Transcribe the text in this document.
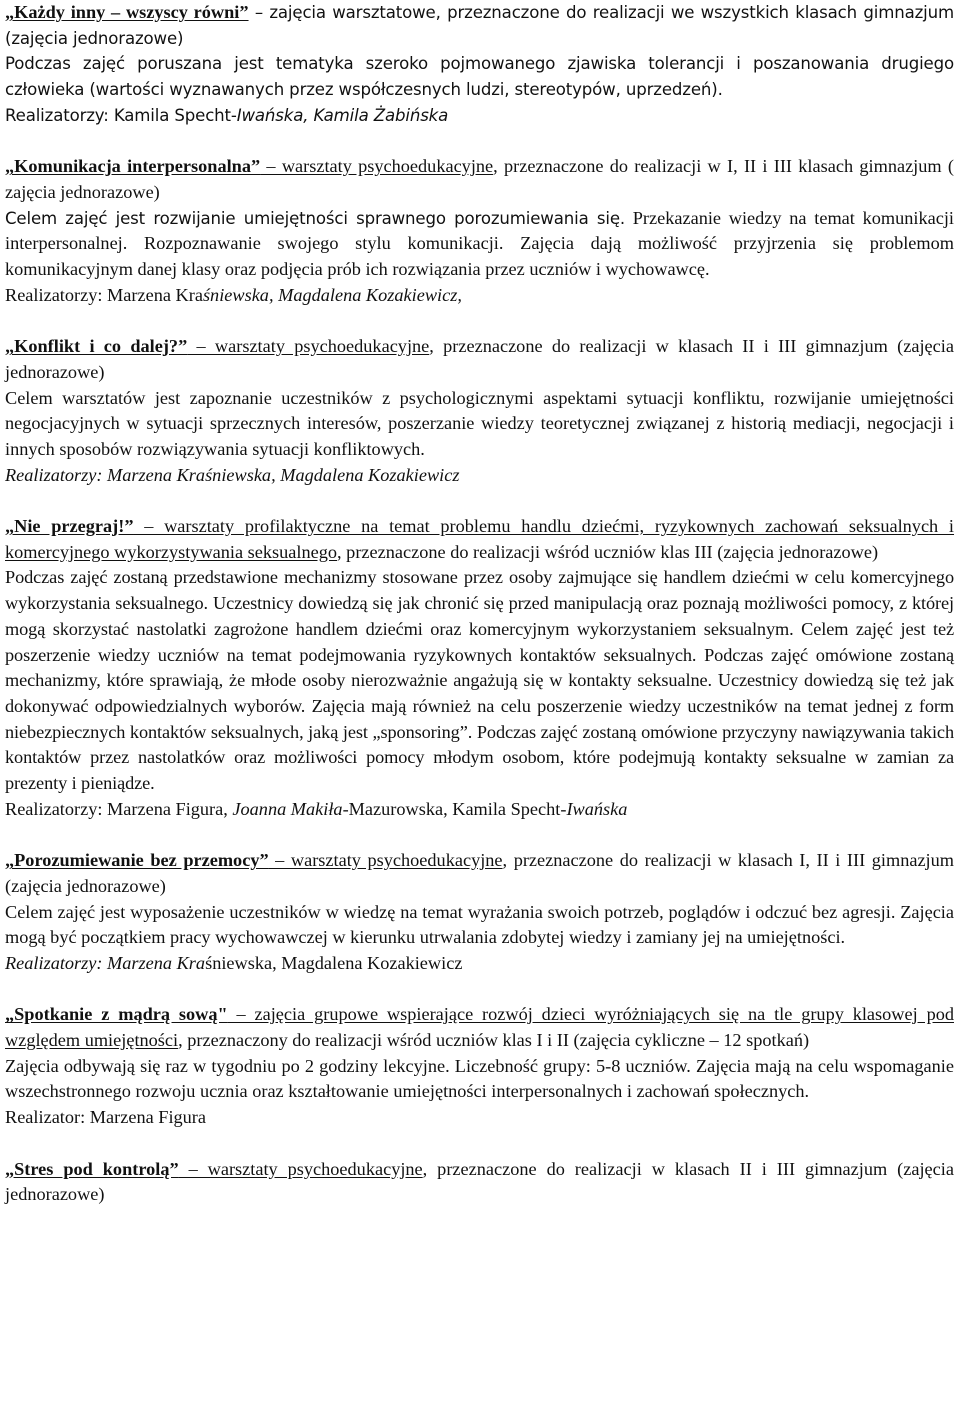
„Każdy inny – wszyscy równi” – zajęcia warsztatowe, przeznaczone do realizacji we wszystkich klasach gimnazjum (zajęcia jednorazowe)

Podczas zajęć poruszana jest tematyka szeroko pojmowanego zjawiska tolerancji i poszanowania drugiego człowieka (wartości wyznawanych przez współczesnych ludzi, stereotypów, uprzedzeń).

Realizatorzy: Kamila Specht-Iwańska, Kamila Żabińska

„Komunikacja interpersonalna” – warsztaty psychoedukacyjne, przeznaczone do realizacji w I, II i III klasach gimnazjum ( zajęcia jednorazowe)

Celem zajęć jest rozwijanie umiejętności sprawnego porozumiewania się. Przekazanie wiedzy na temat komunikacji interpersonalnej. Rozpoznawanie swojego stylu komunikacji. Zajęcia dają możliwość przyjrzenia się problemom komunikacyjnym danej klasy oraz podjęcia prób ich rozwiązania przez uczniów i wychowawcę.

Realizatorzy: Marzena Kraśniewska, Magdalena Kozakiewicz,

„Konflikt i co dalej?” – warsztaty psychoedukacyjne, przeznaczone do realizacji w klasach II i III gimnazjum (zajęcia jednorazowe)

Celem warsztatów jest zapoznanie uczestników z psychologicznymi aspektami sytuacji konfliktu, rozwijanie umiejętności negocjacyjnych w sytuacji sprzecznych interesów, poszerzanie wiedzy teoretycznej związanej z historią mediacji, negocjacji i innych sposobów rozwiązywania sytuacji konfliktowych.

Realizatorzy: Marzena Kraśniewska, Magdalena Kozakiewicz

„Nie przegraj!” – warsztaty profilaktyczne na temat problemu handlu dziećmi, ryzykownych zachowań seksualnych i komercyjnego wykorzystywania seksualnego, przeznaczone do realizacji wśród uczniów klas III (zajęcia jednorazowe)

Podczas zajęć zostaną przedstawione mechanizmy stosowane przez osoby zajmujące się handlem dziećmi w celu komercyjnego wykorzystania seksualnego. Uczestnicy dowiedzą się jak chronić się przed manipulacją oraz poznają możliwości pomocy, z której mogą skorzystać nastolatki zagrożone handlem dziećmi oraz komercyjnym wykorzystaniem seksualnym. Celem zajęć jest też poszerzenie wiedzy uczniów na temat podejmowania ryzykownych kontaktów seksualnych. Podczas zajęć omówione zostaną mechanizmy, które sprawiają, że młode osoby nierozważnie angażują się w kontakty seksualne. Uczestnicy dowiedzą się też jak dokonywać odpowiedzialnych wyborów. Zajęcia mają również na celu poszerzenie wiedzy uczestników na temat jednej z form niebezpiecznych kontaktów seksualnych, jaką jest „sponsoring”. Podczas zajęć zostaną omówione przyczyny nawiązywania takich kontaktów przez nastolatków oraz możliwości pomocy młodym osobom, które podejmują kontakty seksualne w zamian za prezenty i pieniądze.

Realizatorzy: Marzena Figura, Joanna Makiła-Mazurowska, Kamila Specht-Iwańska

„Porozumiewanie bez przemocy” – warsztaty psychoedukacyjne, przeznaczone do realizacji w klasach I, II i III gimnazjum (zajęcia jednorazowe)

Celem zajęć jest wyposażenie uczestników w wiedzę na temat wyrażania swoich potrzeb, poglądów i odczuć bez agresji. Zajęcia mogą być początkiem pracy wychowawczej w kierunku utrwalania zdobytej wiedzy i zamiany jej na umiejętności.

Realizatorzy: Marzena Kraśniewska, Magdalena Kozakiewicz

„Spotkanie z mądrą sową" – zajęcia grupowe wspierające rozwój dzieci wyróżniających się na tle grupy klasowej pod względem umiejętności, przeznaczony do realizacji wśród uczniów klas I i II (zajęcia cykliczne – 12 spotkań)

Zajęcia odbywają się raz w tygodniu po 2 godziny lekcyjne. Liczebność grupy: 5-8 uczniów. Zajęcia mają na celu wspomaganie wszechstronnego rozwoju ucznia oraz kształtowanie umiejętności interpersonalnych i zachowań społecznych.

Realizator: Marzena Figura

„Stres pod kontrolą” – warsztaty psychoedukacyjne, przeznaczone do realizacji w klasach II i III gimnazjum (zajęcia jednorazowe)
